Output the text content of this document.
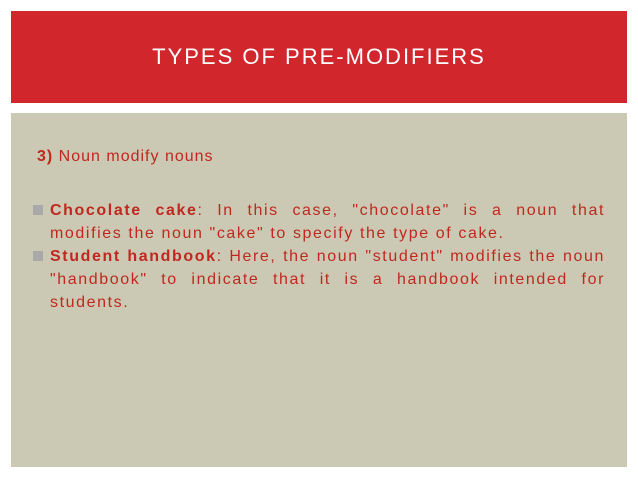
TYPES OF PRE-MODIFIERS
3) Noun modify nouns
Chocolate cake: In this case, "chocolate" is a noun that modifies the noun "cake" to specify the type of cake.
Student handbook: Here, the noun "student" modifies the noun "handbook" to indicate that it is a handbook intended for students.
